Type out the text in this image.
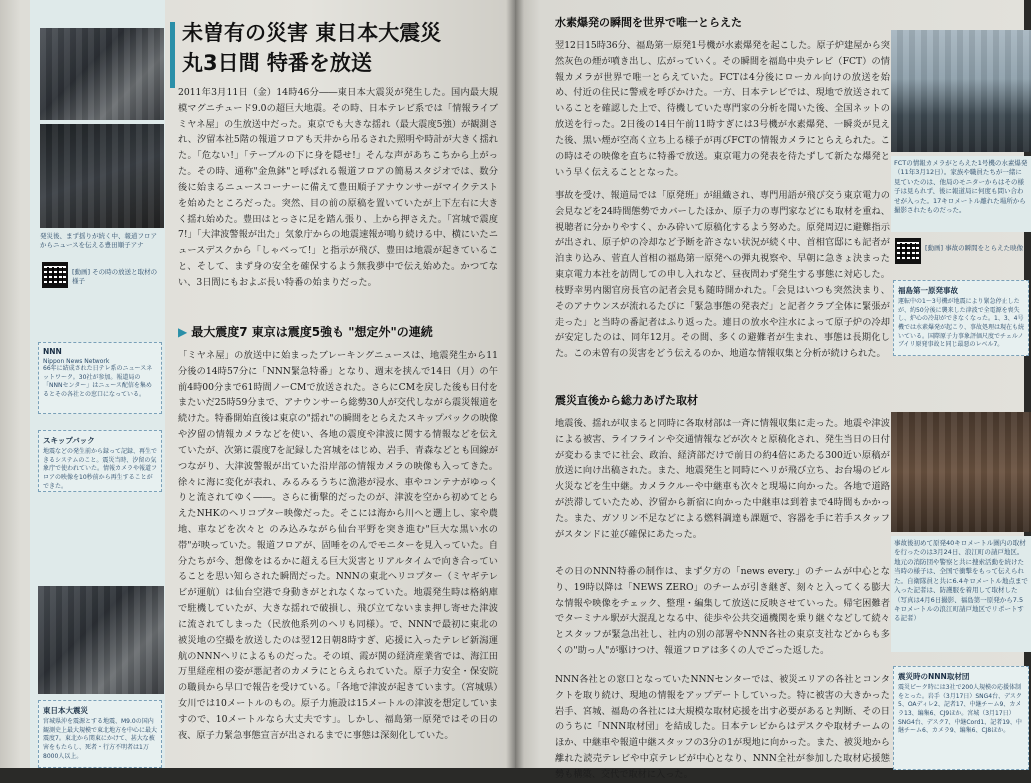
発災後、まず揺りが続く中、報道フロアからニュースを伝える豊田順子アナ
[動画] その時の放送と取材の様子
NNN
Nippon News Network
66年に結成された日テレ系のニュースネットワーク。30社が参加。報道局の「NNNセンター」はニュース配信を集めるとその各社との窓口になっている。
スキップバック
地震などの発生前から録って記録、再生できるシステムのこと。震災当時、汐留の気象庁で使われていた。情報カメラや報道フロアの映像を10秒前から再生することができた。
東日本大震災
宮城県沖を震源とする地震、M9.0の国内観測史上最大規模で東北地方を中心に最大震度7。東北から関東にかけて、甚大な被害をもたらし、死者・行方不明者は1万8000人以上。
未曽有の災害 東日本大震災
丸3日間 特番を放送

2011年3月11日（金）14時46分――東日本大震災が発生した。国内最大規模マグニチュード9.0の超巨大地震。その時、日本テレビ系では「情報ライブ ミヤネ屋」の生放送中だった。東京でも大きな揺れ（最大震度5強）が観測され、汐留本社5階の報道フロアも天井から吊るされた照明や時計が大きく揺れた。「危ない!」「テーブルの下に身を隠せ!」そんな声があちこちから上がった。その時、通称"金魚鉢"と呼ばれる報道フロアの簡易スタジオでは、数分後に始まるニュースコーナーに備えて豊田順子アナウンサーがマイクテストを始めたところだった。突然、目の前の原稿を置いていたが上下左右に大きく揺れ始めた。豊田はとっさに足を踏ん張り、上から押さえた。「宮城で震度7!」「大津波警報が出た」気象庁からの地震速報が鳴り続ける中、横にいたニュースデスクから「しゃべって!」と指示が飛び、豊田は地震が起きていること、そして、まず身の安全を確保するよう無我夢中で伝え始めた。かつてない、3日間にもおよぶ長い特番の始まりだった。

▶ 最大震度7 東京は震度5強も "想定外"の連続

「ミヤネ屋」の放送中に始まったブレーキングニュースは、地震発生から11分後の14時57分に「NNN緊急特番」となり、週末を挟んで14日（月）の午前4時00分まで61時間ノーCMで放送された。さらにCMを戻した後も日付をまたいだ25時59分まで、アナウンサーら総勢30人が交代しながら震災報道を続けた。特番開始直後は東京の"揺れ"の瞬間をとらえたスキップバックの映像や汐留の情報カメラなどを使い、各地の震度や津波に関する情報などを伝えていたが、次第に震度7を記録した宮城をはじめ、岩手、青森などとも回線がつながり、大津波警報が出ていた沿岸部の情報カメラの映像も入ってきた。徐々に海に変化が表れ、みるみるうちに漁港が浸水、車やコンテナがゆっくりと流されてゆく――。さらに衝撃的だったのが、津波を空から初めてとらえたNHKのヘリコプター映像だった。そこには海から川へと遡上し、家や農地、車などを次々と のみ込みながら仙台平野を突き進む"巨大な黒い水の帯"が映っていた。報道フロアが、固唾をのんでモニターを見入っていた。自分たちが今、想像をはるかに超える巨大災害とリアルタイムで向き合っていることを思い知らされた瞬間だった。NNNの東北ヘリコプター（ミヤギテレビが運航）は仙台空港で身動きがとれなくなっていた。地震発生時は格納庫で駐機していたが、大きな揺れで破損し、飛び立てないまま押し寄せた津波に流されてしまった（民放他系列のヘリも同様）。で、NNNで最初に東北の被災地の空撮を放送したのは翌12日朝8時すぎ、応援に入ったテレビ新潟運航のNNNヘリによるものだった。その頃、霞が関の経済産業省では、海江田万里経産相の姿が悪記者のカメラにとらえられていた。原子力安全・保安院の職員から早口で報告を受けている。「各地で津波が起きています。（宮城県）女川では10メートルのもの。原子力施設は15メートルの津波を想定していますので、10メートルなら大丈夫です」。しかし、福島第一原発ではその日の夜、原子力緊急事態宣言が出されるまでに事態は深刻化していた。

水素爆発の瞬間を世界で唯一とらえた

翌12日15時36分、福島第一原発1号機が水素爆発を起こした。原子炉建屋から突然灰色の煙が噴き出し、広がっていく。その瞬間を福島中央テレビ（FCT）の情報カメラが世界で唯一とらえていた。FCTは4分後にローカル向けの放送を始め、付近の住民に警戒を呼びかけた。一方、日本テレビでは、現地で放送されていることを確認した上で、待機していた専門家の分析を聞いた後、全国ネットの放送を行った。2日後の14日午前11時すぎには3号機が水素爆発、一瞬炎が見えた後、黒い煙が空高く立ち上る様子が再びFCTの情報カメラにとらえられた。この時はその映像を直ちに特番で放送。東京電力の発表を待たずして新たな爆発という早く伝えることとなった。

事故を受け、報道局では「原発班」が組織され、専門用語が飛び交う東京電力の会見などを24時間態勢でカバーしたほか、原子力の専門家などにも取材を重ね、視聴者に分かりやすく、かみ砕いて原稿化するよう努めた。原発周辺に避難指示が出され、原子炉の冷却など予断を許さない状況が続く中、首相官邸にも記者が泊まり込み、菅直人首相の福島第一原発への弾丸視察や、早朝に急きょ決まった東京電力本社を訪問しての申し入れなど、昼夜問わず発生する事態に対応した。枝野幸男内閣官房長官の記者会見も随時開かれた。「会見はいつも突然決まり、そのアナウンスが流れるたびに「緊急事態の発表だ」と記者クラブ全体に緊張が走った」と当時の番記者はふり返った。連日の放水や注水によって原子炉の冷却が安定したのは、同年12月。その間、多くの避難者が生まれ、事態は長期化した。この未曽有の災害をどう伝えるのか、地道な情報収集と分析が続けられた。

震災直後から総力あげた取材

地震後、揺れが収まると同時に各取材部は一斉に情報収集に走った。地震や津波による被害、ライフラインや交通情報などが次々と原稿化され、発生当日の日付が変わるまでに社会、政治、経済部だけで前日の約4倍にあたる300近い原稿が放送に向け出稿された。また、地震発生と同時にヘリが飛び立ち、お台場のビル火災などを生中継。カメラクルーや中継車も次々と現場に向かった。各地で道路が渋滞していたため、汐留から新宿に向かった中継車は到着まで4時間もかかった。また、ガソリン不足などによる燃料調達も課題で、容器を手に若手スタッフがスタンドに並び確保にあたった。

その日のNNN特番の制作は、まず夕方の「news every.」のチームが中心となり、19時以降は「NEWS ZERO」のチームが引き継ぎ、刻々と入ってくる膨大な情報や映像をチェック、整理・編集して放送に反映させていった。帰宅困難者でターミナル駅が大混乱となる中、徒歩や公共交通機関を乗り継ぐなどして続々とスタッフが緊急出社し、社内の別の部署やNNN各社の東京支社などからも多くの"助っ人"が駆けつけ、報道フロアは多くの人でごった返した。

NNN各社との窓口となっていたNNNセンターでは、被災エリアの各社とコンタクトを取り続け、現地の情報をアップデートしていった。特に被害の大きかった岩手、宮城、福島の各社には大規模な取材応援を出す必要があると判断、その日のうちに「NNN取材団」を結成した。日本テレビからはデスクや取材チームのほか、中継車や報道中継スタッフの3分の1が現地に向かった。また、被災地から離れた読売テレビや中京テレビが中心となり、NNN全社が参加した取材応援態勢も構築、交代で取材に入った。

FCTの情報カメラがとらえた1号機の水素爆発（11年3月12日）。家族や職員たちが一緒に見ていたのは、他局のモニターからはその様子は見られず、後に報道局に何度も問い合わせが入った。17キロメートル離れた場所から撮影されたものだった。
[動画] 事故の瞬間をとらえた映像
福島第一原発事故
運転中の1〜3号機が地震により緊急停止したが、約50分後に襲来した津波で全電源を喪失し、炉心の冷却ができなくなった。1、3、4号機では水素爆発が起こり、事故処理は現在も続いている。国際原子力事象評価尺度でチェルノブイリ原発事故と同じ最悪のレベル7。
事故後初めて原発40キロメートル圏内の取材を行ったのは3月24日、浪江町の請戸地区。地元の消防団や警察と共に捜索活動を続けた当時の様子は、全国で衝撃をもって伝えられた。自衛隊員と共に6.4キロメートル地点まで入った記者は、防護服を着用して取材した（写真は4月6日撮影、福島第一原発から7.5キロメートルの浪江町請戸地区でリポートする記者）
震災時のNNN取材団
震災ピーク時には3社で200人規模の応援体制をとった。岩手（3月17日）SNG4台、デスク5、OAディレ2、記者17、中継チーム9、カメラ13、編集6、CJ9ほか。宮城（3月17日）SNG4台、デスク7、中継Cord1、記者19、中継チーム6、カメラ9、編集6、CJ8ほか。
